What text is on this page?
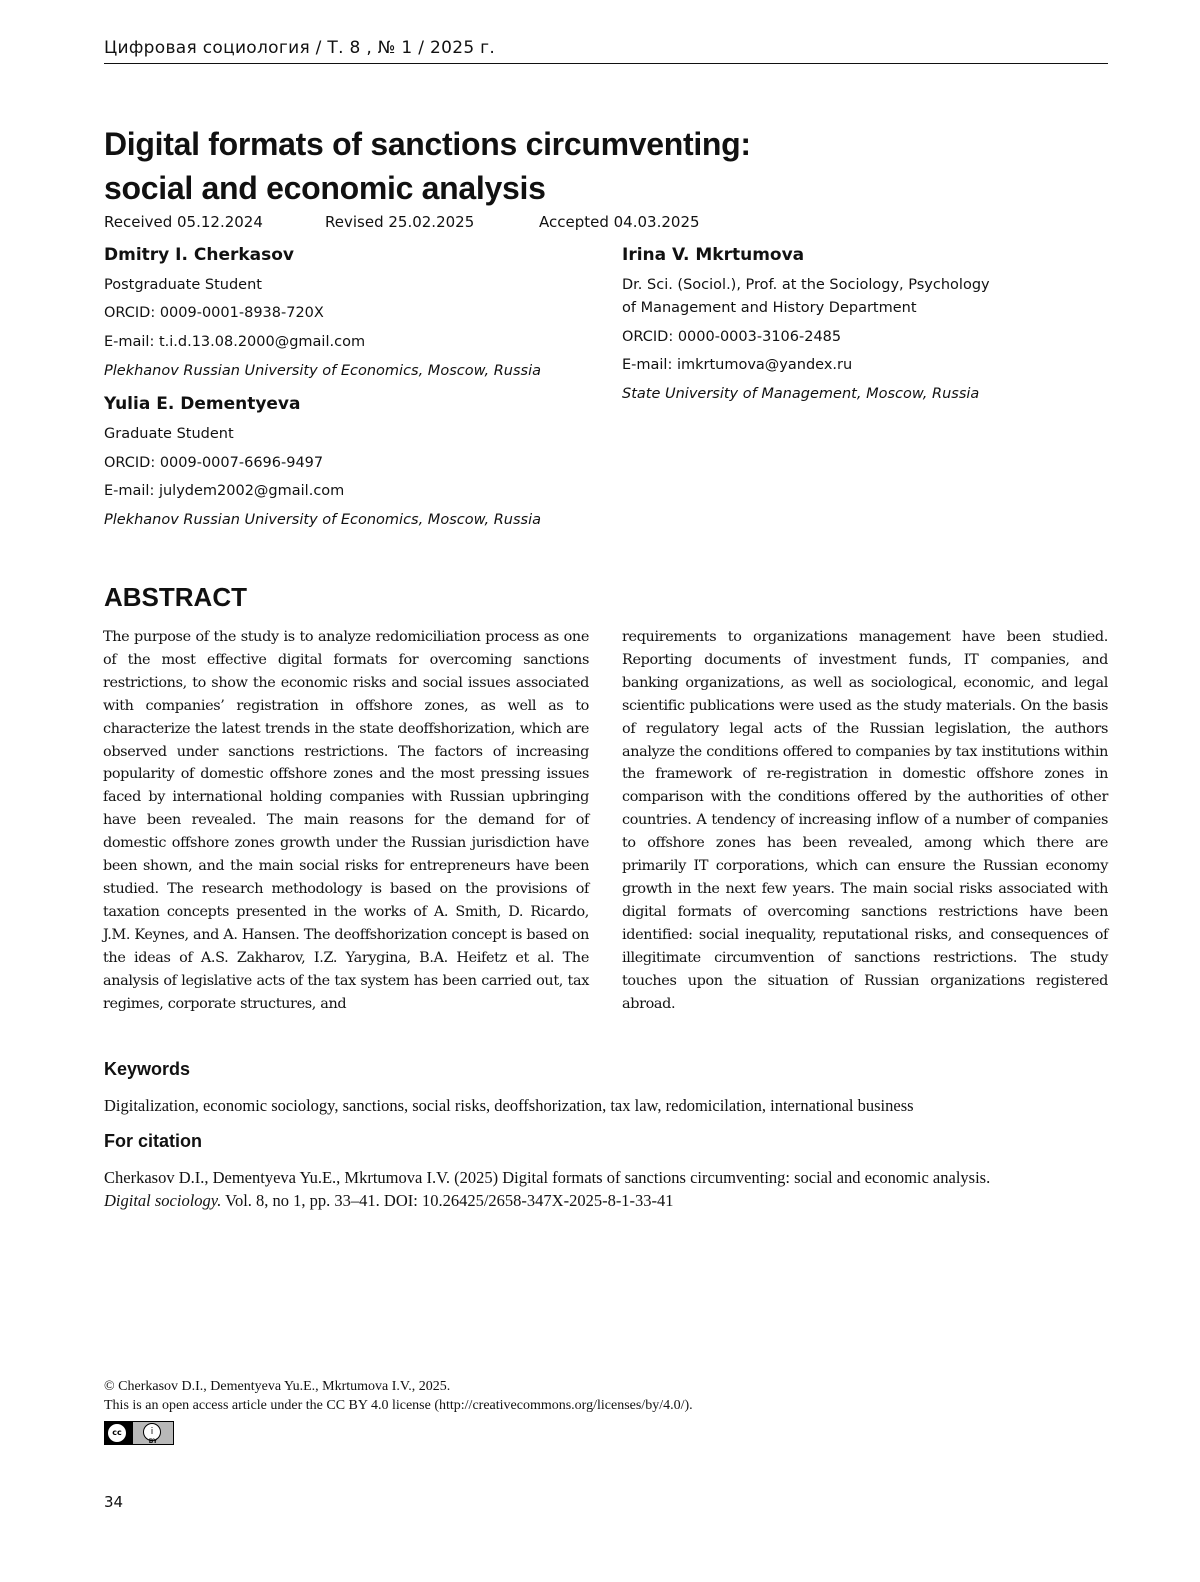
Цифровая социология / Т. 8 , № 1 / 2025 г.
Digital formats of sanctions circumventing:
social and economic analysis
Received 05.12.2024	Revised 25.02.2025	Accepted 04.03.2025
Dmitry I. Cherkasov
Postgraduate Student
ORCID: 0009-0001-8938-720X
E-mail: t.i.d.13.08.2000@gmail.com
Plekhanov Russian University of Economics, Moscow, Russia
Yulia E. Dementyeva
Graduate Student
ORCID: 0009-0007-6696-9497
E-mail: julydem2002@gmail.com
Plekhanov Russian University of Economics, Moscow, Russia
Irina V. Mkrtumova
Dr. Sci. (Sociol.), Prof. at the Sociology, Psychology
of Management and History Department
ORCID: 0000-0003-3106-2485
E-mail: imkrtumova@yandex.ru
State University of Management, Moscow, Russia
ABSTRACT

The purpose of the study is to analyze redomiciliation process as one of the most effective digital formats for overcoming sanctions restrictions, to show the economic risks and social issues associated with companies’ registration in offshore zones, as well as to characterize the latest trends in the state deoffshorization, which are observed under sanctions restrictions. The factors of increasing popularity of domestic offshore zones and the most pressing issues faced by international holding companies with Russian upbringing have been revealed. The main reasons for the demand for of domestic offshore zones growth under the Russian jurisdiction have been shown, and the main social risks for entrepreneurs have been studied. The research methodology is based on the provisions of taxation concepts presented in the works of A. Smith, D. Ricardo, J.M. Keynes, and A. Hansen. The deoffshorization concept is based on the ideas of A.S. Zakharov, I.Z. Yarygina, B.A. Heifetz et al. The analysis of legislative acts of the tax system has been carried out, tax regimes, corporate structures, and

requirements to organizations management have been studied. Reporting documents of investment funds, IT companies, and banking organizations, as well as sociological, economic, and legal scientific publications were used as the study materials. On the basis of regulatory legal acts of the Russian legislation, the authors analyze the conditions offered to companies by tax institutions within the framework of re-registration in domestic offshore zones in comparison with the conditions offered by the authorities of other countries. A tendency of increasing inflow of a number of companies to offshore zones has been revealed, among which there are primarily IT corporations, which can ensure the Russian economy growth in the next few years. The main social risks associated with digital formats of overcoming sanctions restrictions have been identified: social inequality, reputational risks, and consequences of illegitimate circumvention of sanctions restrictions. The study touches upon the situation of Russian organizations registered abroad.

Keywords
Digitalization, economic sociology, sanctions, social risks, deoffshorization, tax law, redomicilation, international business
For citation
Cherkasov D.I., Dementyeva Yu.E., Mkrtumova I.V. (2025) Digital formats of sanctions circumventing: social and economic analysis.
Digital sociology. Vol. 8, no 1, pp. 33–41. DOI: 10.26425/2658-347X-2025-8-1-33-41
© Cherkasov D.I., Dementyeva Yu.E., Mkrtumova I.V., 2025.
This is an open access article under the CC BY 4.0 license (http://creativecommons.org/licenses/by/4.0/).
cc	i
BY
34
